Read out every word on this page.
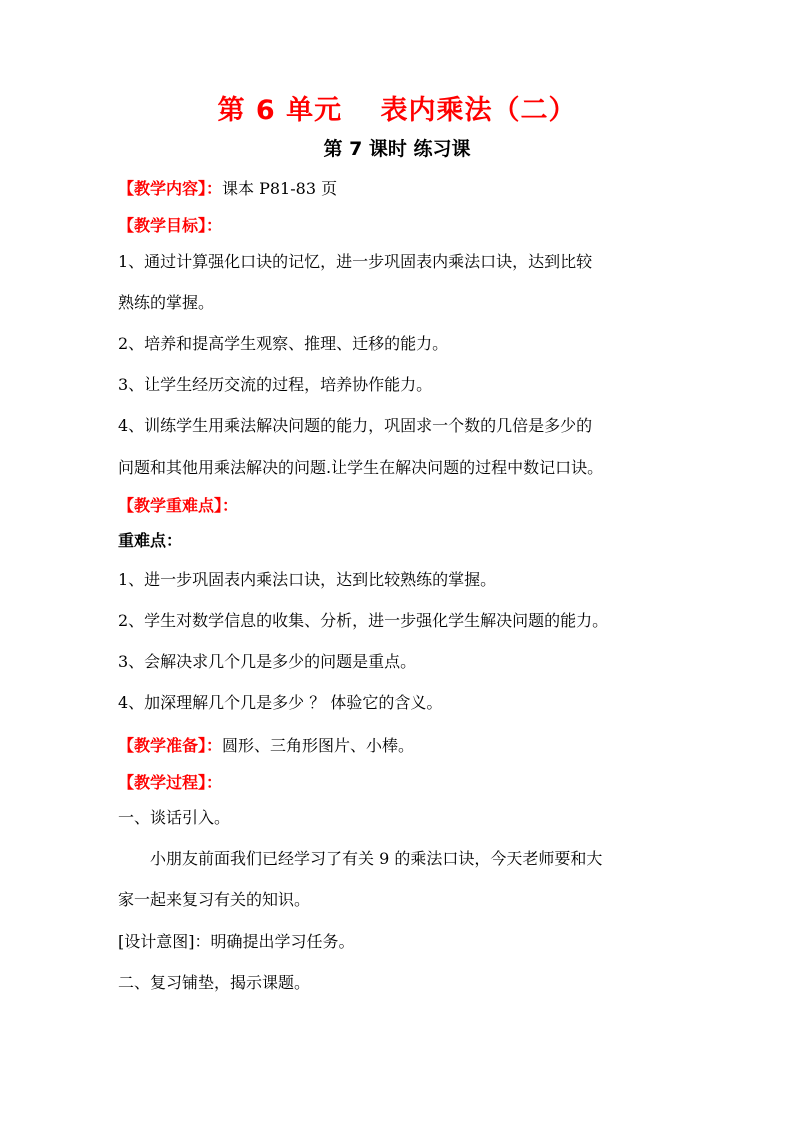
第 6 单元　 表内乘法（二）
第 7 课时 练习课
【教学内容】：课本 P81-83 页
【教学目标】：
1、通过计算强化口诀的记忆，进一步巩固表内乘法口诀，达到比较
熟练的掌握。
2、培养和提高学生观察、推理、迁移的能力。
3、让学生经历交流的过程，培养协作能力。
4、训练学生用乘法解决问题的能力，巩固求一个数的几倍是多少的
问题和其他用乘法解决的问题.让学生在解决问题的过程中数记口诀。
【教学重难点】：
重难点：
1、进一步巩固表内乘法口诀，达到比较熟练的掌握。
2、学生对数学信息的收集、分析，进一步强化学生解决问题的能力。
3、会解决求几个几是多少的问题是重点。
4、加深理解几个几是多少 ？ 体验它的含义。
【教学准备】：圆形、三角形图片、小棒。
【教学过程】：
一、谈话引入。
小朋友前面我们已经学习了有关 9 的乘法口诀，今天老师要和大
家一起来复习有关的知识。
[设计意图]：明确提出学习任务。
二、复习铺垫，揭示课题。
